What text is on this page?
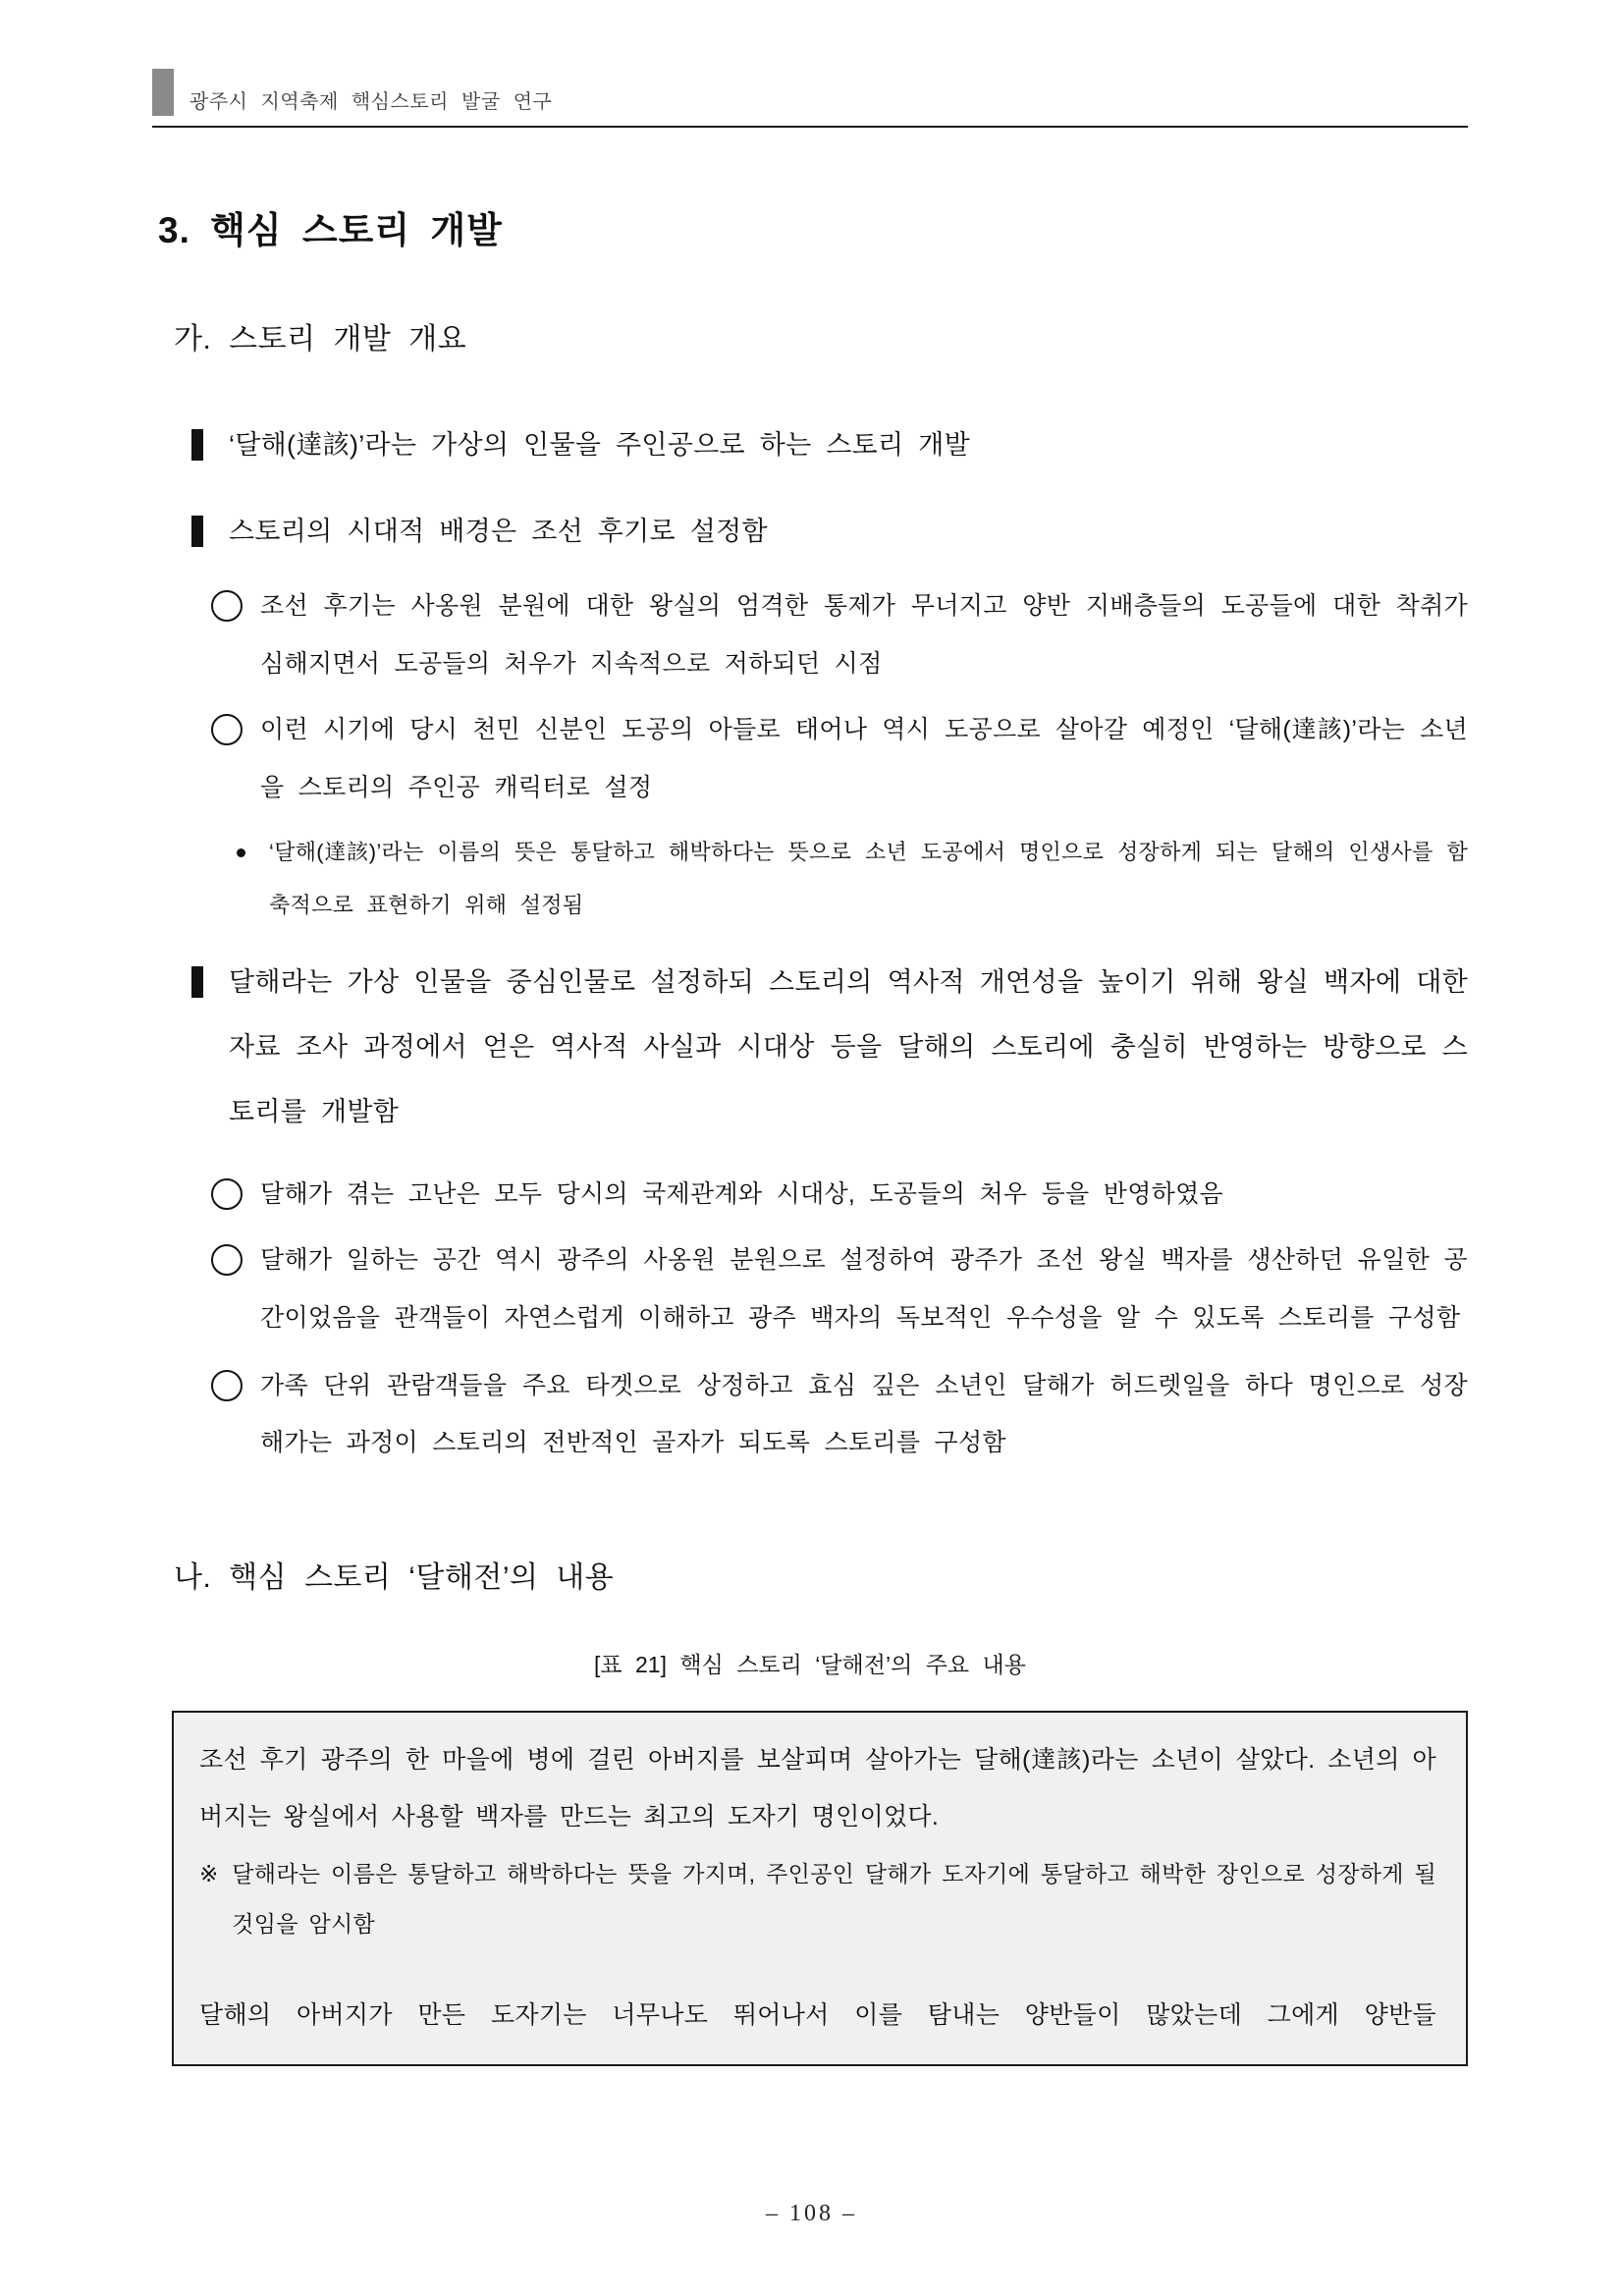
광주시 지역축제 핵심스토리 발굴 연구
3. 핵심 스토리 개발
가. 스토리 개발 개요

‘달해(達該)’라는 가상의 인물을 주인공으로 하는 스토리 개발

스토리의 시대적 배경은 조선 후기로 설정함

조선 후기는 사옹원 분원에 대한 왕실의 엄격한 통제가 무너지고 양반 지배층들의 도공들에 대한 착취가 심해지면서 도공들의 처우가 지속적으로 저하되던 시점

이런 시기에 당시 천민 신분인 도공의 아들로 태어나 역시 도공으로 살아갈 예정인 ‘달해(達該)’라는 소년을 스토리의 주인공 캐릭터로 설정

‘달해(達該)’라는 이름의 뜻은 통달하고 해박하다는 뜻으로 소년 도공에서 명인으로 성장하게 되는 달해의 인생사를 함축적으로 표현하기 위해 설정됨

달해라는 가상 인물을 중심인물로 설정하되 스토리의 역사적 개연성을 높이기 위해 왕실 백자에 대한 자료 조사 과정에서 얻은 역사적 사실과 시대상 등을 달해의 스토리에 충실히 반영하는 방향으로 스토리를 개발함

달해가 겪는 고난은 모두 당시의 국제관계와 시대상, 도공들의 처우 등을 반영하였음

달해가 일하는 공간 역시 광주의 사옹원 분원으로 설정하여 광주가 조선 왕실 백자를 생산하던 유일한 공간이었음을 관객들이 자연스럽게 이해하고 광주 백자의 독보적인 우수성을 알 수 있도록 스토리를 구성함

가족 단위 관람객들을 주요 타겟으로 상정하고 효심 깊은 소년인 달해가 허드렛일을 하다 명인으로 성장해가는 과정이 스토리의 전반적인 골자가 되도록 스토리를 구성함

나. 핵심 스토리 ‘달해전’의 내용
[표 21] 핵심 스토리 ‘달해전’의 주요 내용

조선 후기 광주의 한 마을에 병에 걸린 아버지를 보살피며 살아가는 달해(達該)라는 소년이 살았다. 소년의 아버지는 왕실에서 사용할 백자를 만드는 최고의 도자기 명인이었다.

※ 달해라는 이름은 통달하고 해박하다는 뜻을 가지며, 주인공인 달해가 도자기에 통달하고 해박한 장인으로 성장하게 될 것임을 암시함

달해의 아버지가 만든 도자기는 너무나도 뛰어나서 이를 탐내는 양반들이 많았는데 그에게 양반들

– 108 –
